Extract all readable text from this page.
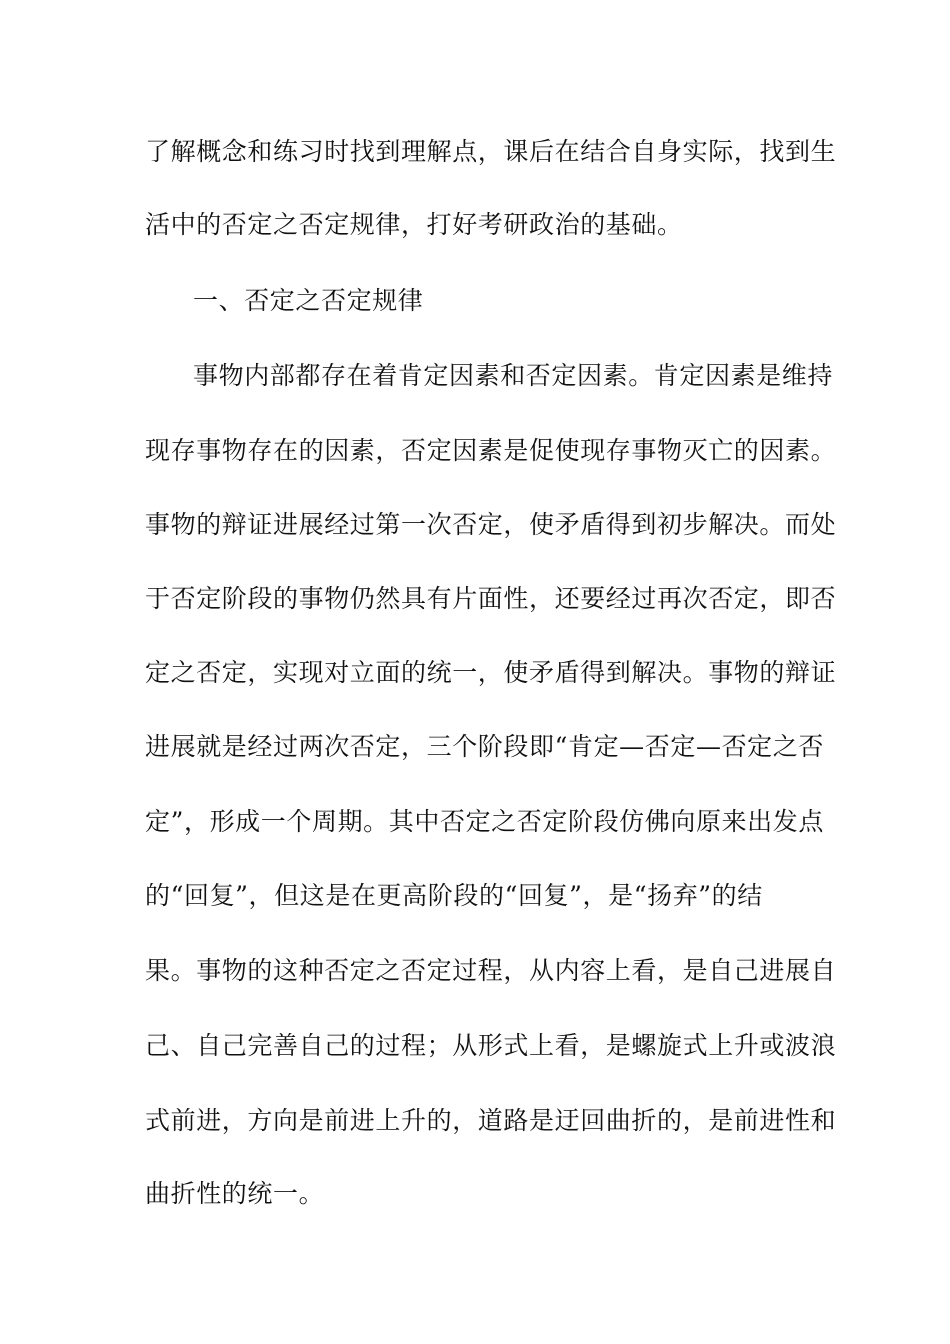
了解概念和练习时找到理解点，课后在结合自身实际，找到生
活中的否定之否定规律，打好考研政治的基础。
一、否定之否定规律
事物内部都存在着肯定因素和否定因素。肯定因素是维持
现存事物存在的因素，否定因素是促使现存事物灭亡的因素。
事物的辩证进展经过第一次否定，使矛盾得到初步解决。而处
于否定阶段的事物仍然具有片面性，还要经过再次否定，即否
定之否定，实现对立面的统一，使矛盾得到解决。事物的辩证
进展就是经过两次否定，三个阶段即“肯定—否定—否定之否
定”，形成一个周期。其中否定之否定阶段仿佛向原来出发点
的“回复”，但这是在更高阶段的“回复”，是“扬弃”的结
果。事物的这种否定之否定过程，从内容上看，是自己进展自
己、自己完善自己的过程；从形式上看，是螺旋式上升或波浪
式前进，方向是前进上升的，道路是迂回曲折的，是前进性和
曲折性的统一。
